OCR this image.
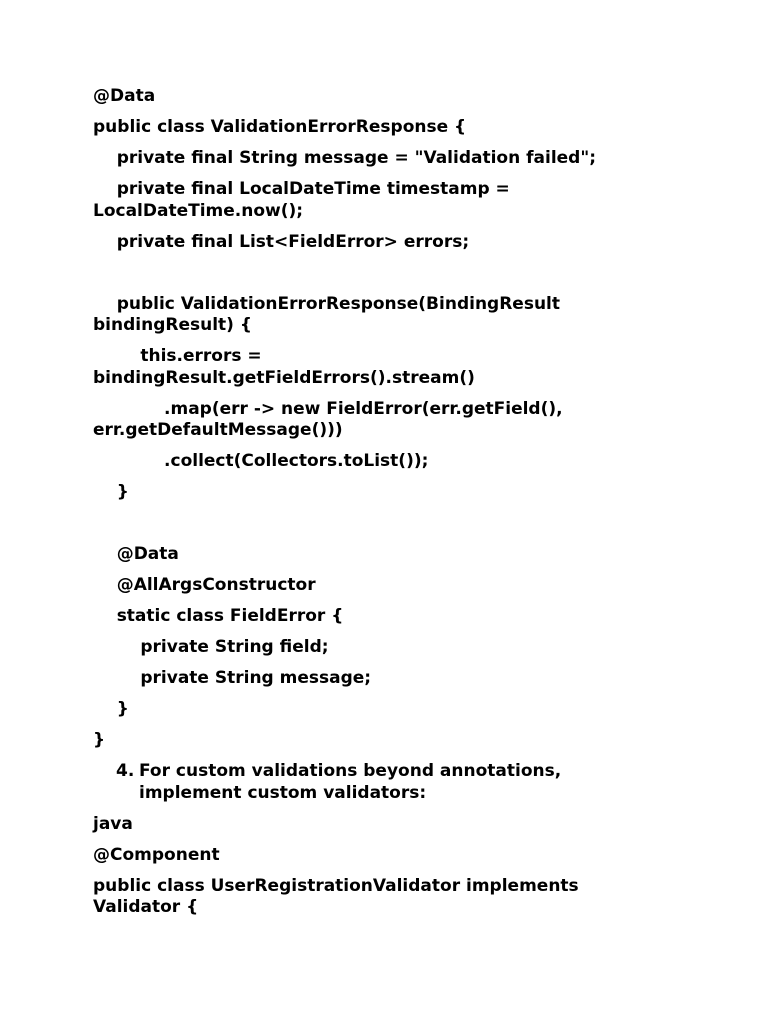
@Data
public class ValidationErrorResponse {
private final String message = "Validation failed";
private final LocalDateTime timestamp = LocalDateTime.now();
private final List<FieldError> errors;
public ValidationErrorResponse(BindingResult bindingResult) {
this.errors = bindingResult.getFieldErrors().stream()
.map(err -> new FieldError(err.getField(), err.getDefaultMessage()))
.collect(Collectors.toList());
}
@Data
@AllArgsConstructor
static class FieldError {
private String field;
private String message;
}
}
4. For custom validations beyond annotations, implement custom validators:
java
@Component
public class UserRegistrationValidator implements Validator {
